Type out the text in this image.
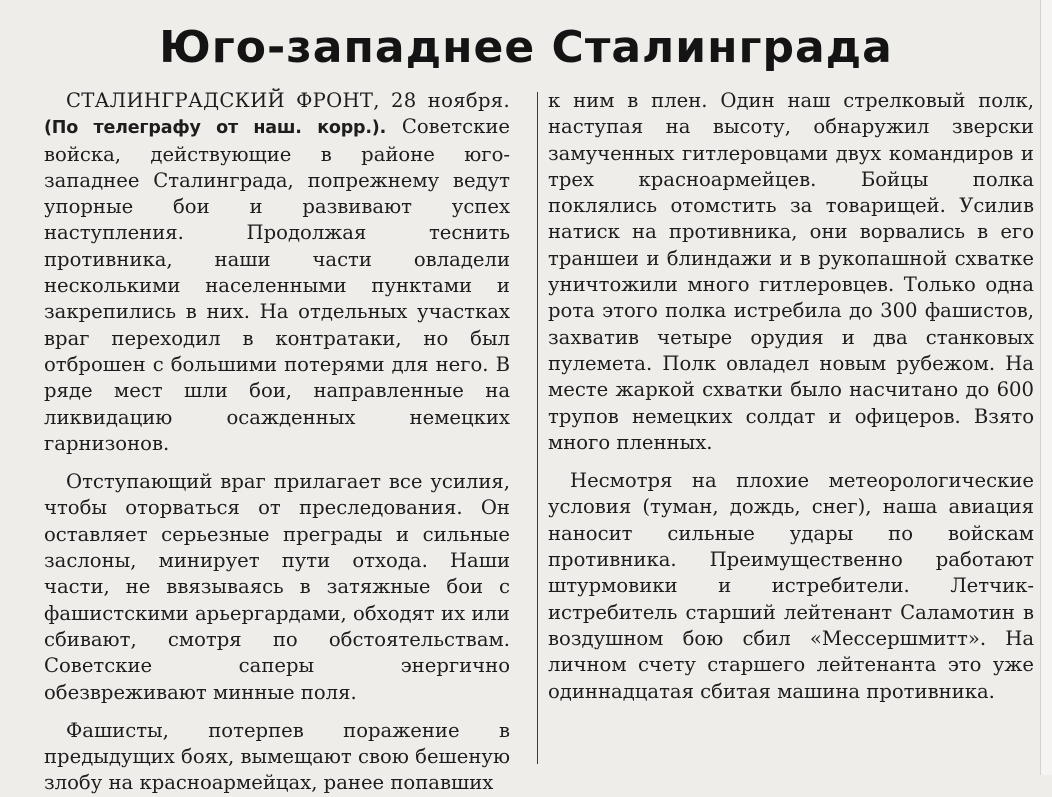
Юго-западнее Сталинграда

СТАЛИНГРАДСКИЙ ФРОНТ, 28 ноября. (По телеграфу от наш. корр.). Советские войска, действующие в районе юго-западнее Сталинграда, попрежнему ведут упорные бои и развивают успех наступления. Продолжая теснить противника, наши части овладели несколькими населенными пунктами и закрепились в них. На отдельных участках враг переходил в контратаки, но был отброшен с большими потерями для него. В ряде мест шли бои, направленные на ликвидацию осажденных немецких гарнизонов.

Отступающий враг прилагает все усилия, чтобы оторваться от преследования. Он оставляет серьезные преграды и сильные заслоны, минирует пути отхода. Наши части, не ввязываясь в затяжные бои с фашистскими арьергардами, обходят их или сбивают, смотря по обстоятельствам. Советские саперы энергично обезвреживают минные поля.

Фашисты, потерпев поражение в предыдущих боях, вымещают свою бешеную злобу на красноармейцах, ранее попавших

к ним в плен. Один наш стрелковый полк, наступая на высоту, обнаружил зверски замученных гитлеровцами двух командиров и трех красноармейцев. Бойцы полка поклялись отомстить за товарищей. Усилив натиск на противника, они ворвались в его траншеи и блиндажи и в рукопашной схватке уничтожили много гитлеровцев. Только одна рота этого полка истребила до 300 фашистов, захватив четыре орудия и два станковых пулемета. Полк овладел новым рубежом. На месте жаркой схватки было насчитано до 600 трупов немецких солдат и офицеров. Взято много пленных.

Несмотря на плохие метеорологические условия (туман, дождь, снег), наша авиация наносит сильные удары по войскам противника. Преимущественно работают штурмовики и истребители. Летчик-истребитель старший лейтенант Саламотин в воздушном бою сбил «Мессершмитт». На личном счету старшего лейтенанта это уже одиннадцатая сбитая машина противника.
